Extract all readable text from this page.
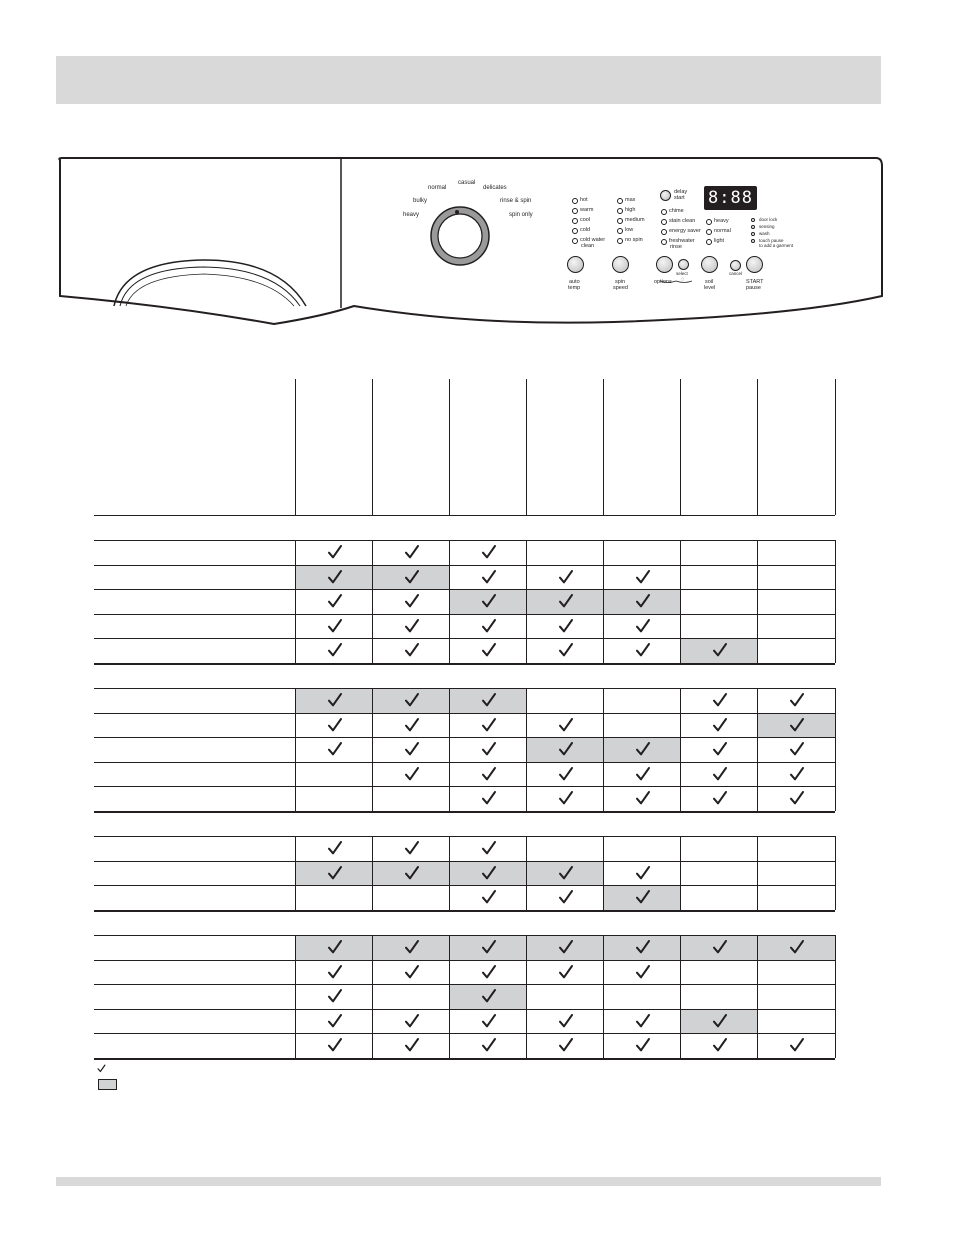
heavy
bulky
normal
casual
delicates
rinse & spin
spin only
hot
warm
cool
cold
cold water
clean
max
high
medium
low
no spin
delay
start
chime
stain clean
energy saver
freshwater
rinse
8:88
heavy
normal
light
door lock
sensing
wash
touch pause
to add a garment
auto
temp
spin
speed
select
options ◌	soil
level
cancel
START
pause
